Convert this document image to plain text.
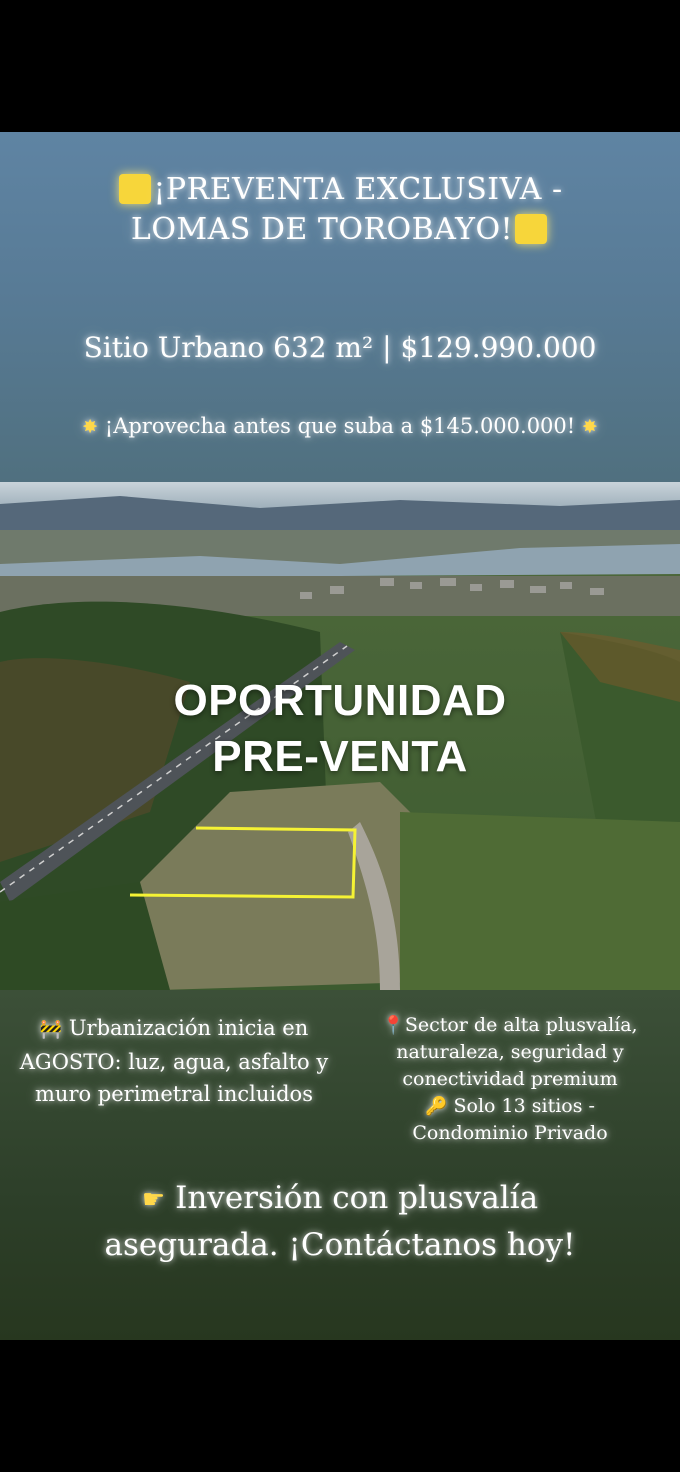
¡PREVENTA EXCLUSIVA - LOMAS DE TOROBAYO!
Sitio Urbano 632 m² | $129.990.000
✸ ¡Aprovecha antes que suba a $145.000.000! ✸
OPORTUNIDAD
PRE-VENTA
🚧 Urbanización inicia en AGOSTO: luz, agua, asfalto y muro perimetral incluidos
📍Sector de alta plusvalía, naturaleza, seguridad y conectividad premium
🔑 Solo 13 sitios - Condominio Privado
☛ Inversión con plusvalía asegurada. ¡Contáctanos hoy!
